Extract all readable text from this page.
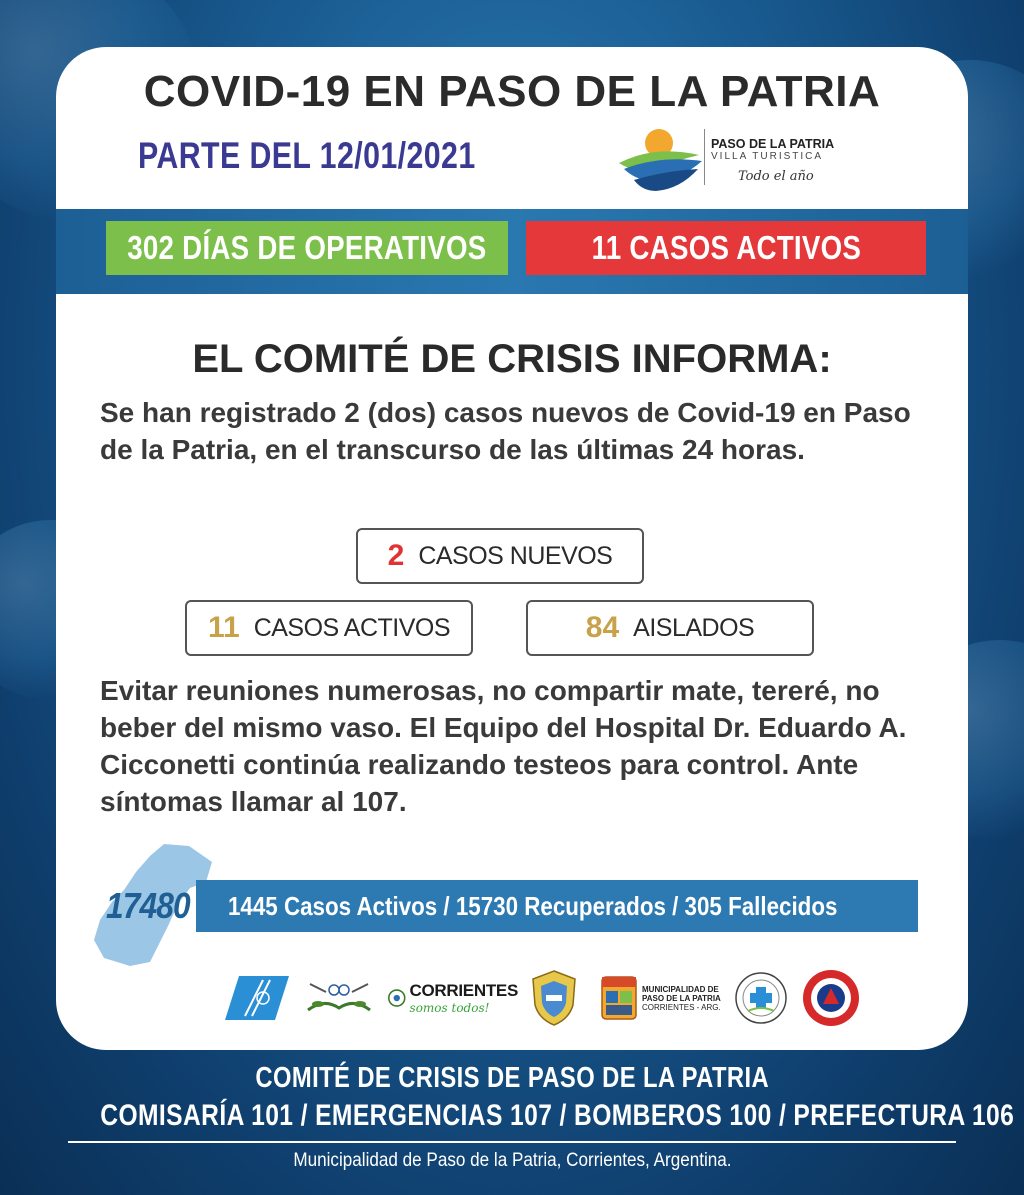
COVID-19 EN PASO DE LA PATRIA
PARTE DEL 12/01/2021	PASO DE LA PATRIA
VILLA TURISTICA
Todo el año
302 DÍAS DE OPERATIVOS	11 CASOS ACTIVOS
EL COMITÉ DE CRISIS INFORMA:
Se han registrado 2 (dos) casos nuevos de Covid-19 en Paso de la Patria, en el transcurso de las últimas 24 horas.
2 CASOS NUEVOS
11 CASOS ACTIVOS	84 AISLADOS
Evitar reuniones numerosas, no compartir mate, tereré, no beber del mismo vaso. El Equipo del Hospital Dr. Eduardo A. Cicconetti continúa realizando testeos para control. Ante síntomas llamar al 107.
1445 Casos Activos / 15730 Recuperados / 305 Fallecidos
17480
CORRIENTES
somos todos!
MUNICIPALIDAD DE PASO DE LA PATRIA
CORRIENTES - ARG.
COMITÉ DE CRISIS DE PASO DE LA PATRIA
COMISARÍA 101 / EMERGENCIAS 107 / BOMBEROS 100 / PREFECTURA 106
Municipalidad de Paso de la Patria, Corrientes, Argentina.
